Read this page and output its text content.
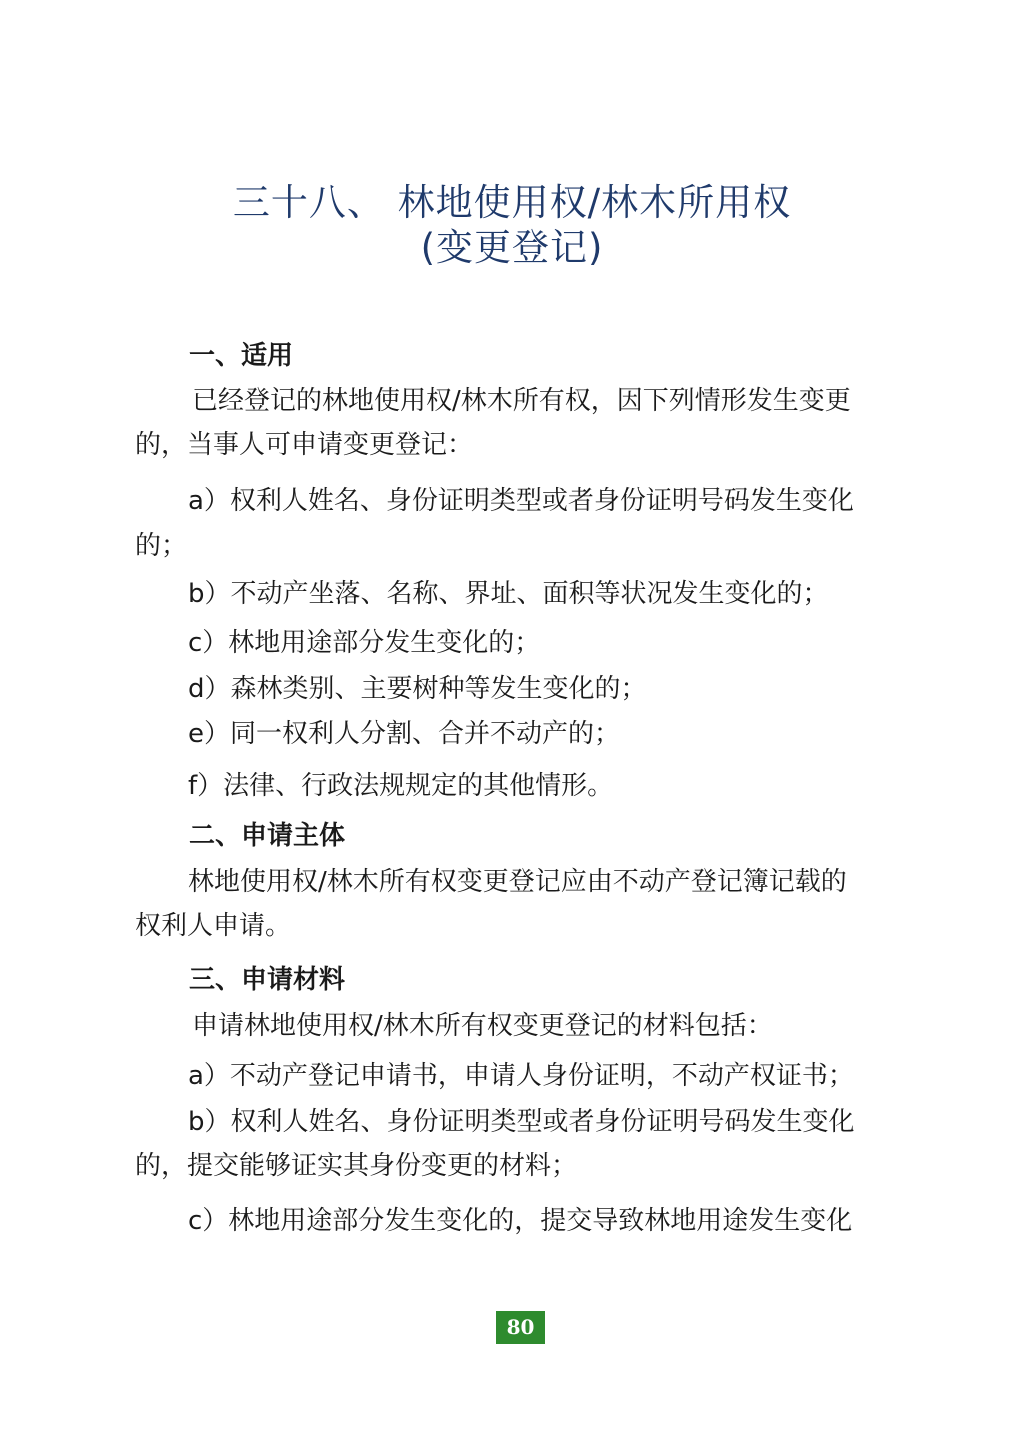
三十八、 林地使用权/林木所用权
(变更登记)

一、适用

已经登记的林地使用权/林木所有权，因下列情形发生变更

的，当事人可申请变更登记：

a）权利人姓名、身份证明类型或者身份证明号码发生变化

的；

b）不动产坐落、名称、界址、面积等状况发生变化的；

c）林地用途部分发生变化的；

d）森林类别、主要树种等发生变化的；

e）同一权利人分割、合并不动产的；

f）法律、行政法规规定的其他情形。

二、申请主体

林地使用权/林木所有权变更登记应由不动产登记簿记载的

权利人申请。

三、申请材料

申请林地使用权/林木所有权变更登记的材料包括：

a）不动产登记申请书，申请人身份证明，不动产权证书；

b）权利人姓名、身份证明类型或者身份证明号码发生变化

的，提交能够证实其身份变更的材料；

c）林地用途部分发生变化的，提交导致林地用途发生变化

80
